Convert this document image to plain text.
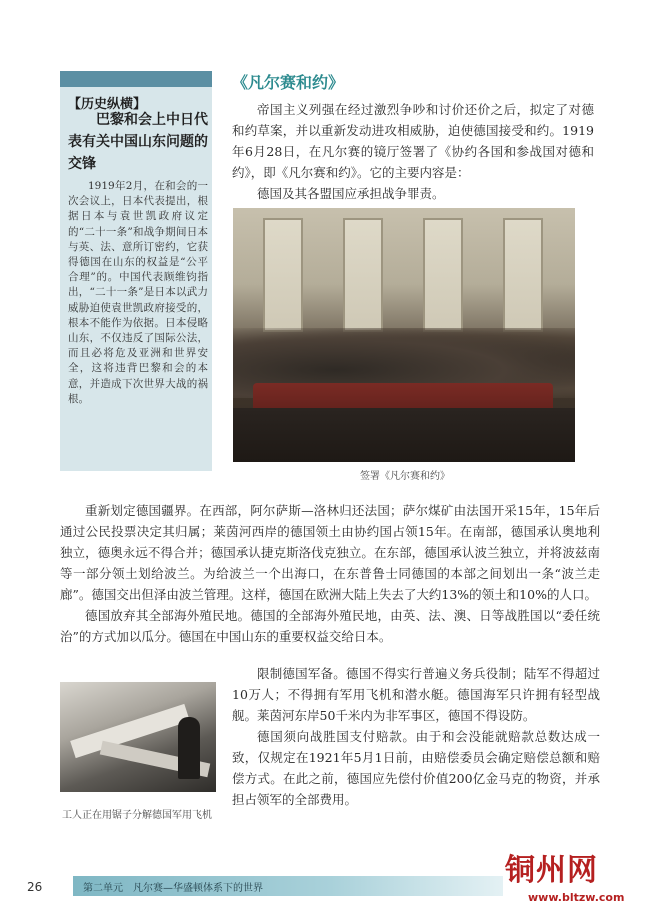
【历史纵横】
巴黎和会上中日代表有关中国山东问题的交锋
1919年2月，在和会的一次会议上，日本代表提出，根据日本与袁世凯政府议定的“二十一条”和战争期间日本与英、法、意所订密约，它获得德国在山东的权益是“公平合理”的。中国代表顾维钧指出，“二十一条”是日本以武力威胁迫使袁世凯政府接受的，根本不能作为依据。日本侵略山东，不仅违反了国际公法，而且必将危及亚洲和世界安全，这将违背巴黎和会的本意，并造成下次世界大战的祸根。
《凡尔赛和约》

帝国主义列强在经过激烈争吵和讨价还价之后，拟定了对德和约草案，并以重新发动进攻相威胁，迫使德国接受和约。1919年6月28日，在凡尔赛的镜厅签署了《协约各国和参战国对德和约》，即《凡尔赛和约》。它的主要内容是：

德国及其各盟国应承担战争罪责。

签署《凡尔赛和约》

重新划定德国疆界。在西部，阿尔萨斯—洛林归还法国；萨尔煤矿由法国开采15年，15年后通过公民投票决定其归属；莱茵河西岸的德国领土由协约国占领15年。在南部，德国承认奥地利独立，德奥永远不得合并；德国承认捷克斯洛伐克独立。在东部，德国承认波兰独立，并将波兹南等一部分领土划给波兰。为给波兰一个出海口，在东普鲁士同德国的本部之间划出一条“波兰走廊”。德国交出但泽由波兰管理。这样，德国在欧洲大陆上失去了大约13%的领土和10%的人口。

德国放弃其全部海外殖民地。德国的全部海外殖民地，由英、法、澳、日等战胜国以“委任统治”的方式加以瓜分。德国在中国山东的重要权益交给日本。

工人正在用锯子分解德国军用飞机

限制德国军备。德国不得实行普遍义务兵役制；陆军不得超过10万人；不得拥有军用飞机和潜水艇。德国海军只许拥有轻型战舰。莱茵河东岸50千米内为非军事区，德国不得设防。

德国须向战胜国支付赔款。由于和会没能就赔款总数达成一致，仅规定在1921年5月1日前，由赔偿委员会确定赔偿总额和赔偿方式。在此之前，德国应先偿付价值200亿金马克的物资，并承担占领军的全部费用。

26	第二单元　凡尔赛—华盛顿体系下的世界
铜州网
www.bltzw.com
